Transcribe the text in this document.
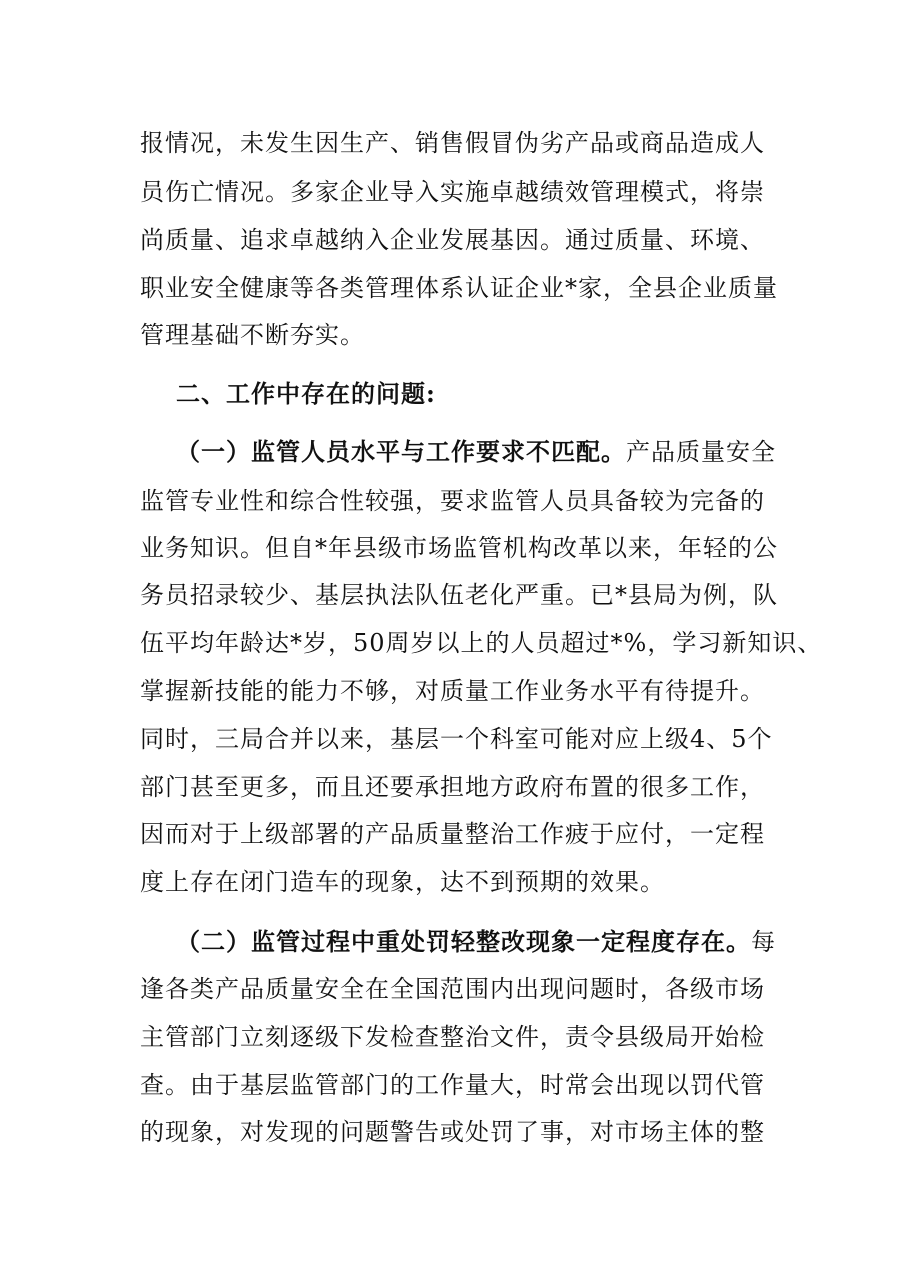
报情况，未发生因生产、销售假冒伪劣产品或商品造成人
员伤亡情况。多家企业导入实施卓越绩效管理模式，将崇
尚质量、追求卓越纳入企业发展基因。通过质量、环境、
职业安全健康等各类管理体系认证企业*家，全县企业质量
管理基础不断夯实。
二、工作中存在的问题:
（一）监管人员水平与工作要求不匹配。产品质量安全
监管专业性和综合性较强，要求监管人员具备较为完备的
业务知识。但自*年县级市场监管机构改革以来，年轻的公
务员招录较少、基层执法队伍老化严重。已*县局为例，队
伍平均年龄达*岁，50周岁以上的人员超过*%，学习新知识、
掌握新技能的能力不够，对质量工作业务水平有待提升。
同时，三局合并以来，基层一个科室可能对应上级4、5个
部门甚至更多，而且还要承担地方政府布置的很多工作，
因而对于上级部署的产品质量整治工作疲于应付，一定程
度上存在闭门造车的现象，达不到预期的效果。
（二）监管过程中重处罚轻整改现象一定程度存在。每
逢各类产品质量安全在全国范围内出现问题时，各级市场
主管部门立刻逐级下发检查整治文件，责令县级局开始检
查。由于基层监管部门的工作量大，时常会出现以罚代管
的现象，对发现的问题警告或处罚了事，对市场主体的整
